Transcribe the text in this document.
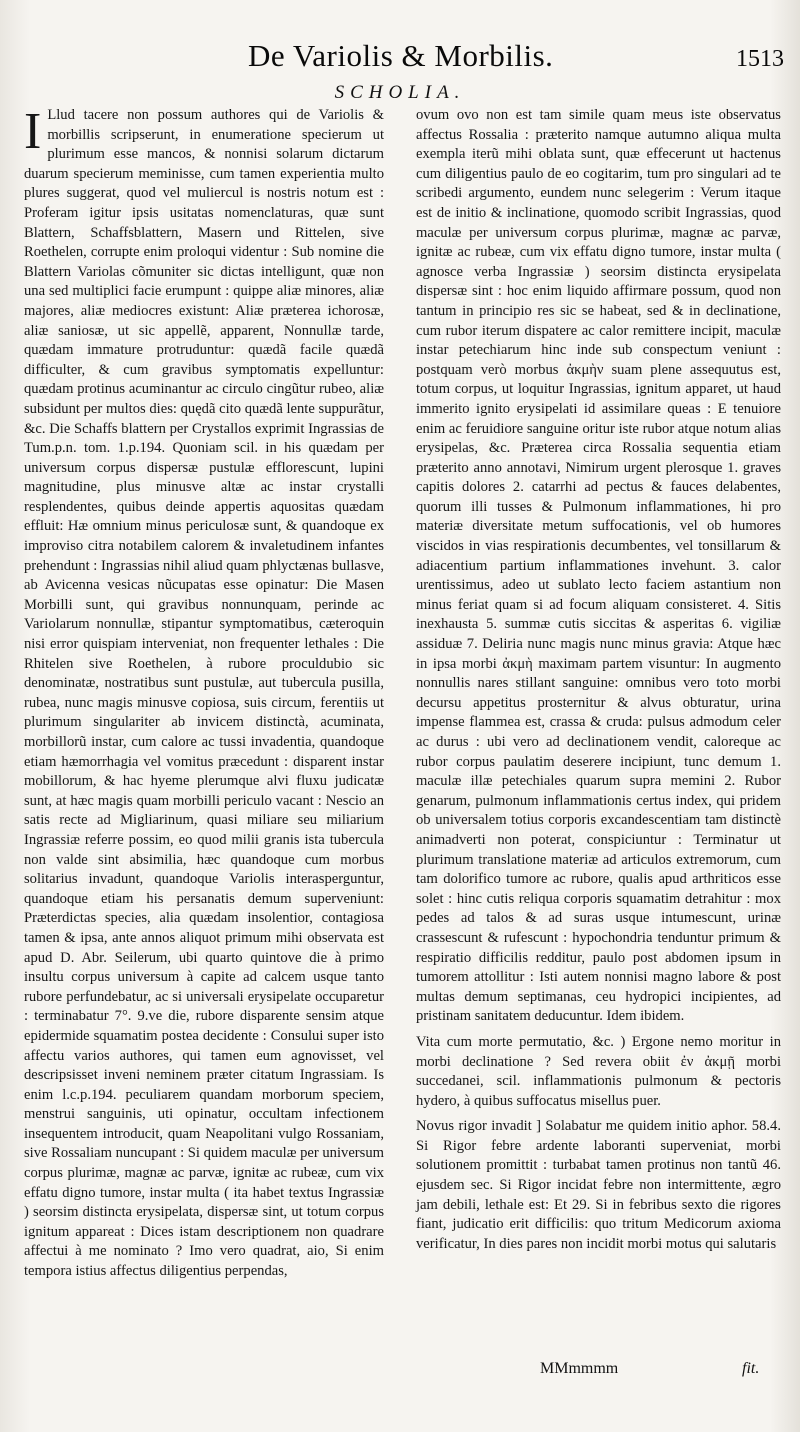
De Variolis & Morbilis.	1513
SCHOLIA.

I Llud tacere non possum authores qui de Variolis & morbillis scripserunt, in enumeratione specierum ut plurimum esse mancos, & nonnisi solarum dictarum duarum specierum meminisse, cum tamen experientia multo plures suggerat, quod vel muliercul is nostris notum est : Proferam igitur ipsis usitatas nomenclaturas, quæ sunt Blattern, Schaffsblattern, Masern und Rittelen, sive Roethelen, corrupte enim proloqui videntur : Sub nomine die Blattern Variolas cõmuniter sic dictas intelligunt, quæ non una sed multiplici facie erumpunt : quippe aliæ minores, aliæ majores, aliæ mediocres existunt: Aliæ præterea ichorosæ, aliæ saniosæ, ut sic appellẽ, apparent, Nonnullæ tarde, quædam immature protruduntur: quædã facile quædã difficulter, & cum gravibus symptomatis expelluntur: quædam protinus acuminantur ac circulo cingũtur rubeo, aliæ subsidunt per multos dies: quędã cito quædã lente suppurãtur, &c. Die Schaffs blattern per Crystallos exprimit Ingrassias de Tum.p.n. tom. 1.p.194. Quoniam scil. in his quædam per universum corpus dispersæ pustulæ efflorescunt, lupini magnitudine, plus minusve altæ ac instar crystalli resplendentes, quibus deinde appertis aquositas quædam effluit: Hæ omnium minus periculosæ sunt, & quandoque ex improviso citra notabilem calorem & invaletudinem infantes prehendunt : Ingrassias nihil aliud quam phlyctænas bullasve, ab Avicenna vesicas nũcupatas esse opinatur: Die Masen Morbilli sunt, qui gravibus nonnunquam, perinde ac Variolarum nonnullæ, stipantur symptomatibus, cæteroquin nisi error quispiam interveniat, non frequenter lethales : Die Rhitelen sive Roethelen, à rubore proculdubio sic denominatæ, nostratibus sunt pustulæ, aut tubercula pusilla, rubea, nunc magis minusve copiosa, suis circum, ferentiis ut plurimum singulariter ab invicem distinctà, acuminata, morbillorũ instar, cum calore ac tussi invadentia, quandoque etiam hæmorrhagia vel vomitus præcedunt : disparent instar mobillorum, & hac hyeme plerumque alvi fluxu judicatæ sunt, at hæc magis quam morbilli periculo vacant : Nescio an satis recte ad Migliarinum, quasi miliare seu miliarium Ingrassiæ referre possim, eo quod milii granis ista tubercula non valde sint absimilia, hæc quandoque cum morbus solitarius invadunt, quandoque Variolis interasperguntur, quandoque etiam his persanatis demum superveniunt: Præterdictas species, alia quædam insolentior, contagiosa tamen & ipsa, ante annos aliquot primum mihi observata est apud D. Abr. Seilerum, ubi quarto quintove die à primo insultu corpus universum à capite ad calcem usque tanto rubore perfundebatur, ac si universali erysipelate occuparetur : terminabatur 7°. 9.ve die, rubore disparente sensim atque epidermide squamatim postea decidente : Consului super isto affectu varios authores, qui tamen eum agnovisset, vel descripsisset inveni neminem præter citatum Ingrassiam. Is enim l.c.p.194. peculiarem quandam morborum speciem, menstrui sanguinis, uti opinatur, occultam infectionem insequentem introducit, quam Neapolitani vulgo Rossaniam, sive Rossaliam nuncupant : Si quidem maculæ per universum corpus plurimæ, magnæ ac parvæ, ignitæ ac rubeæ, cum vix effatu digno tumore, instar multa ( ita habet textus Ingrassiæ ) seorsim distincta erysipelata, dispersæ sint, ut totum corpus ignitum appareat : Dices istam descriptionem non quadrare affectui à me nominato ? Imo vero quadrat, aio, Si enim tempora istius affectus diligentius perpendas,

ovum ovo non est tam simile quam meus iste observatus affectus Rossalia : præterito namque autumno aliqua multa exempla iterũ mihi oblata sunt, quæ effecerunt ut hactenus cum diligentius paulo de eo cogitarim, tum pro singulari ad te scribedi argumento, eundem nunc selegerim : Verum itaque est de initio & inclinatione, quomodo scribit Ingrassias, quod maculæ per universum corpus plurimæ, magnæ ac parvæ, ignitæ ac rubeæ, cum vix effatu digno tumore, instar multa ( agnosce verba Ingrassiæ ) seorsim distincta erysipelata dispersæ sint : hoc enim liquido affirmare possum, quod non tantum in principio res sic se habeat, sed & in declinatione, cum rubor iterum dispatere ac calor remittere incipit, maculæ instar petechiarum hinc inde sub conspectum veniunt : postquam verò morbus ἀκμὴν suam plene assequutus est, totum corpus, ut loquitur Ingrassias, ignitum apparet, ut haud immerito ignito erysipelati id assimilare queas : E tenuiore enim ac feruidiore sanguine oritur iste rubor atque notum alias erysipelas, &c. Præterea circa Rossalia sequentia etiam præterito anno annotavi, Nimirum urgent plerosque 1. graves capitis dolores 2. catarrhi ad pectus & fauces delabentes, quorum illi tusses & Pulmonum inflammationes, hi pro materiæ diversitate metum suffocationis, vel ob humores viscidos in vias respirationis decumbentes, vel tonsillarum & adiacentium partium inflammationes invehunt. 3. calor urentissimus, adeo ut sublato lecto faciem astantium non minus feriat quam si ad focum aliquam consisteret. 4. Sitis inexhausta 5. summæ cutis siccitas & asperitas 6. vigiliæ assiduæ 7. Deliria nunc magis nunc minus gravia: Atque hæc in ipsa morbi ἀκμὴ maximam partem visuntur: In augmento nonnullis nares stillant sanguine: omnibus vero toto morbi decursu appetitus prosternitur & alvus obturatur, urina impense flammea est, crassa & cruda: pulsus admodum celer ac durus : ubi vero ad declinationem vendit, caloreque ac rubor corpus paulatim deserere incipiunt, tunc demum 1. maculæ illæ petechiales quarum supra memini 2. Rubor genarum, pulmonum inflammationis certus index, qui pridem ob universalem totius corporis excandescentiam tam distinctè animadverti non poterat, conspiciuntur : Terminatur ut plurimum translatione materiæ ad articulos extremorum, cum tam dolorifico tumore ac rubore, qualis apud arthriticos esse solet : hinc cutis reliqua corporis squamatim detrahitur : mox pedes ad talos & ad suras usque intumescunt, urinæ crassescunt & rufescunt : hypochondria tenduntur primum & respiratio difficilis redditur, paulo post abdomen ipsum in tumorem attollitur : Isti autem nonnisi magno labore & post multas demum septimanas, ceu hydropici incipientes, ad pristinam sanitatem deducuntur. Idem ibidem.

Vita cum morte permutatio, &c. ) Ergone nemo moritur in morbi declinatione ? Sed revera obiit ἐν ἀκμῇ morbi succedanei, scil. inflammationis pulmonum & pectoris hydero, à quibus suffocatus misellus puer.

Novus rigor invadit ] Solabatur me quidem initio aphor. 58.4. Si Rigor febre ardente laboranti superveniat, morbi solutionem promittit : turbabat tamen protinus non tantũ 46. ejusdem sec. Si Rigor incidat febre non intermittente, ægro jam debili, lethale est: Et 29. Si in febribus sexto die rigores fiant, judicatio erit difficilis: quo tritum Medicorum axioma verificatur, In dies pares non incidit morbi motus qui salutaris

MMmmmm	fit.
